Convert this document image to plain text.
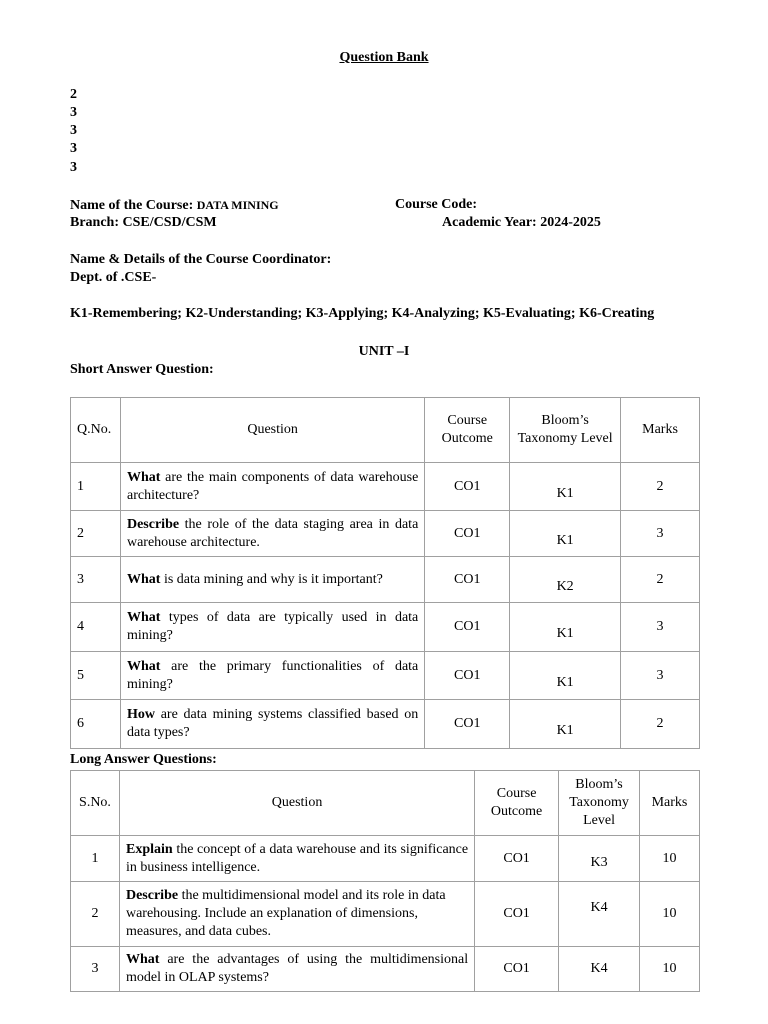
Question Bank
2
3
3
3
3
Name of the Course: DATA MINING	Course Code:
Branch: CSE/CSD/CSM	Academic Year: 2024-2025
Name & Details of the Course Coordinator:
Dept. of .CSE-
K1-Remembering; K2-Understanding; K3-Applying; K4-Analyzing; K5-Evaluating; K6-Creating
UNIT –I
Short Answer Question:
Q.No.	Question	Course Outcome	Bloom’s Taxonomy Level	Marks
1	What are the main components of data warehouse architecture?	CO1	K1	2
2	Describe the role of the data staging area in data warehouse architecture.	CO1	K1	3
3	What is data mining and why is it important?	CO1	K2	2
4	What types of data are typically used in data mining?	CO1	K1	3
5	What are the primary functionalities of data mining?	CO1	K1	3
6	How are data mining systems classified based on data types?	CO1	K1	2
Long Answer Questions:
S.No.	Question	Course Outcome	Bloom’s Taxonomy Level	Marks
1	Explain the concept of a data warehouse and its significance in business intelligence.	CO1	K3	10
2	Describe the multidimensional model and its role in data warehousing. Include an explanation of dimensions, measures, and data cubes.	CO1	K4	10
3	What are the advantages of using the multidimensional model in OLAP systems?	CO1	K4	10
